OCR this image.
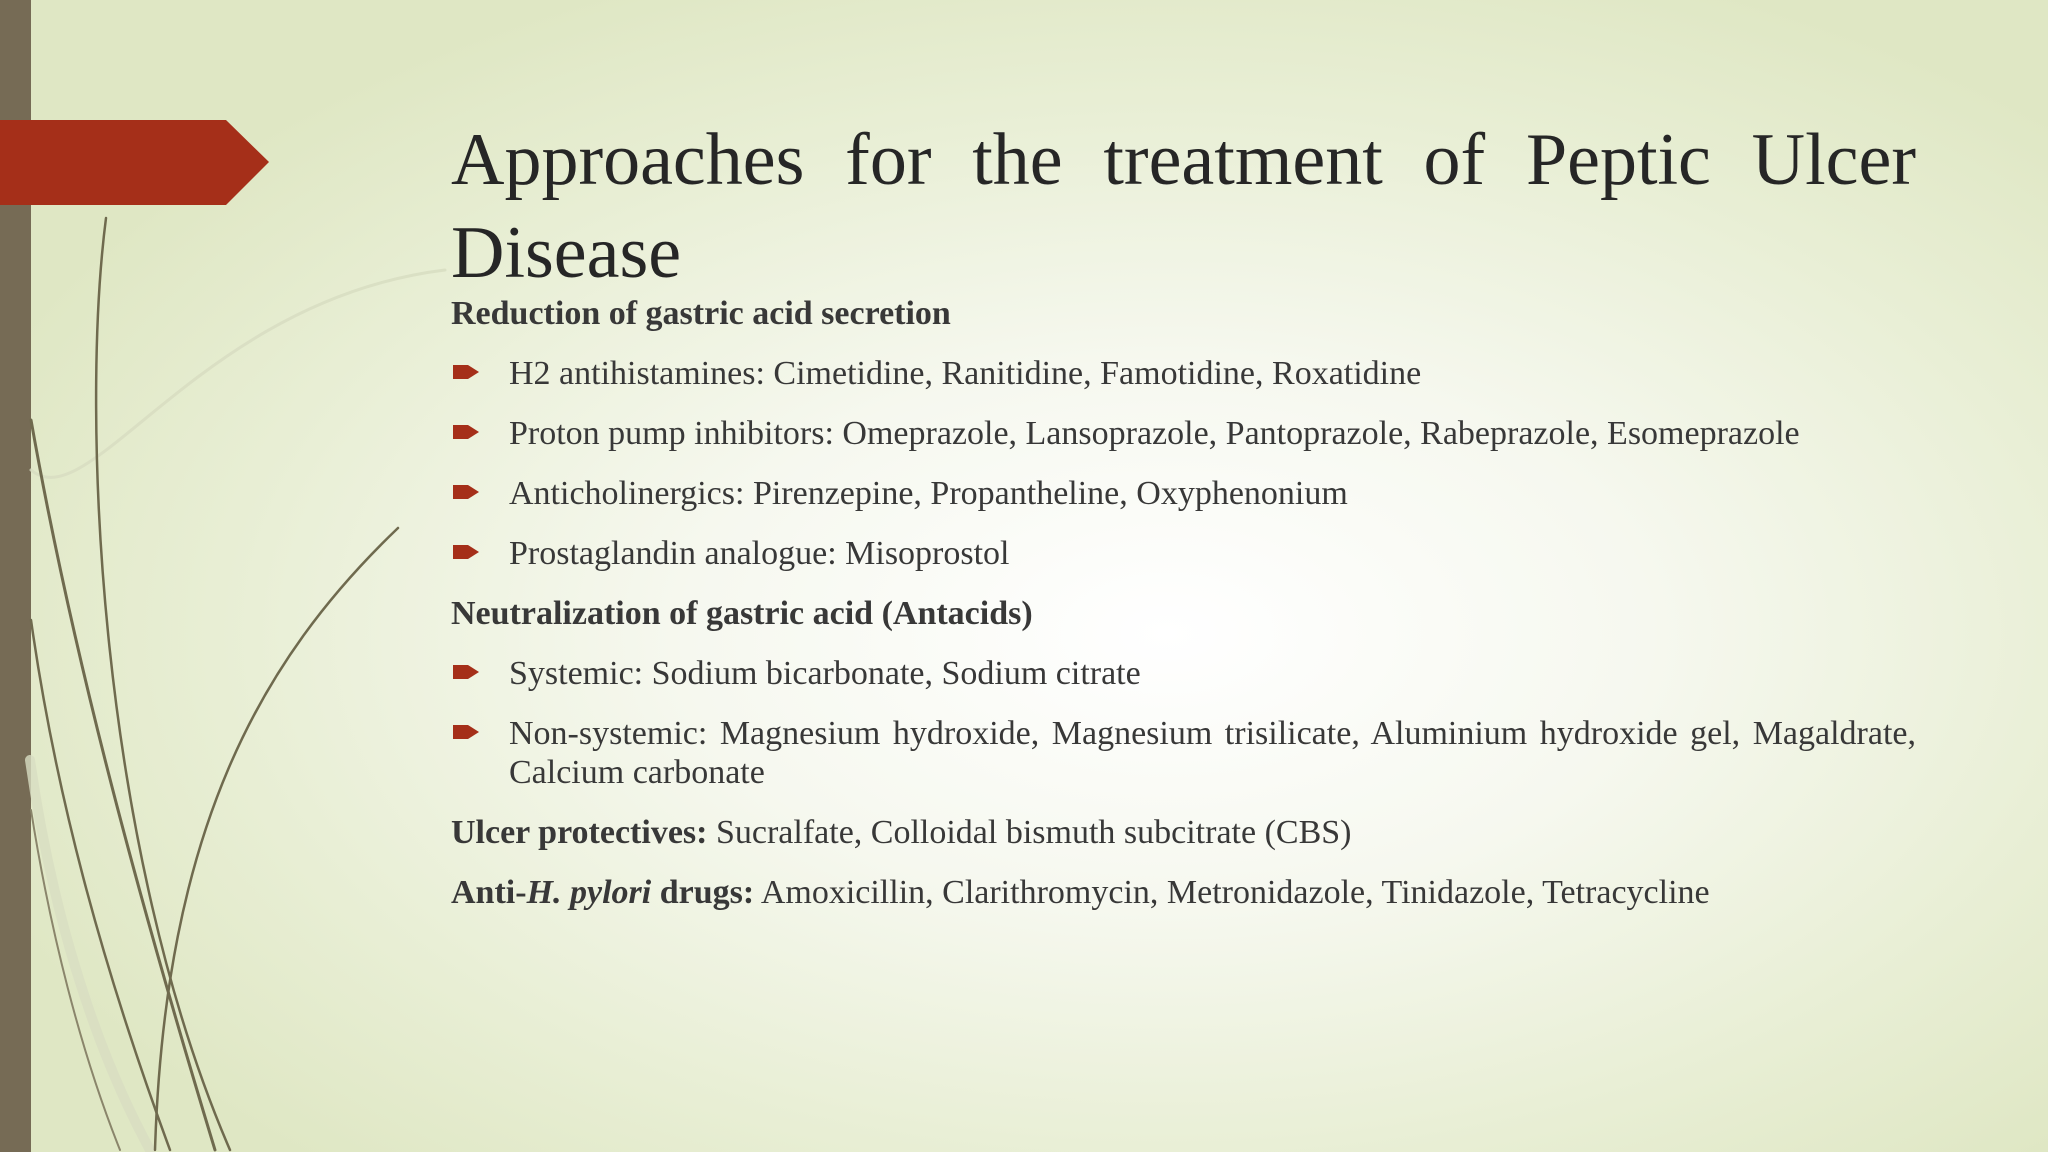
Approaches for the treatment of Peptic Ulcer Disease
Reduction of gastric acid secretion
H2 antihistamines: Cimetidine, Ranitidine, Famotidine, Roxatidine
Proton pump inhibitors: Omeprazole, Lansoprazole, Pantoprazole, Rabeprazole, Esomeprazole
Anticholinergics: Pirenzepine, Propantheline, Oxyphenonium
Prostaglandin analogue: Misoprostol
Neutralization of gastric acid (Antacids)
Systemic: Sodium bicarbonate, Sodium citrate
Non-systemic: Magnesium hydroxide, Magnesium trisilicate, Aluminium hydroxide gel, Magaldrate, Calcium carbonate
Ulcer protectives: Sucralfate, Colloidal bismuth subcitrate (CBS)
Anti-H. pylori drugs: Amoxicillin, Clarithromycin, Metronidazole, Tinidazole, Tetracycline
